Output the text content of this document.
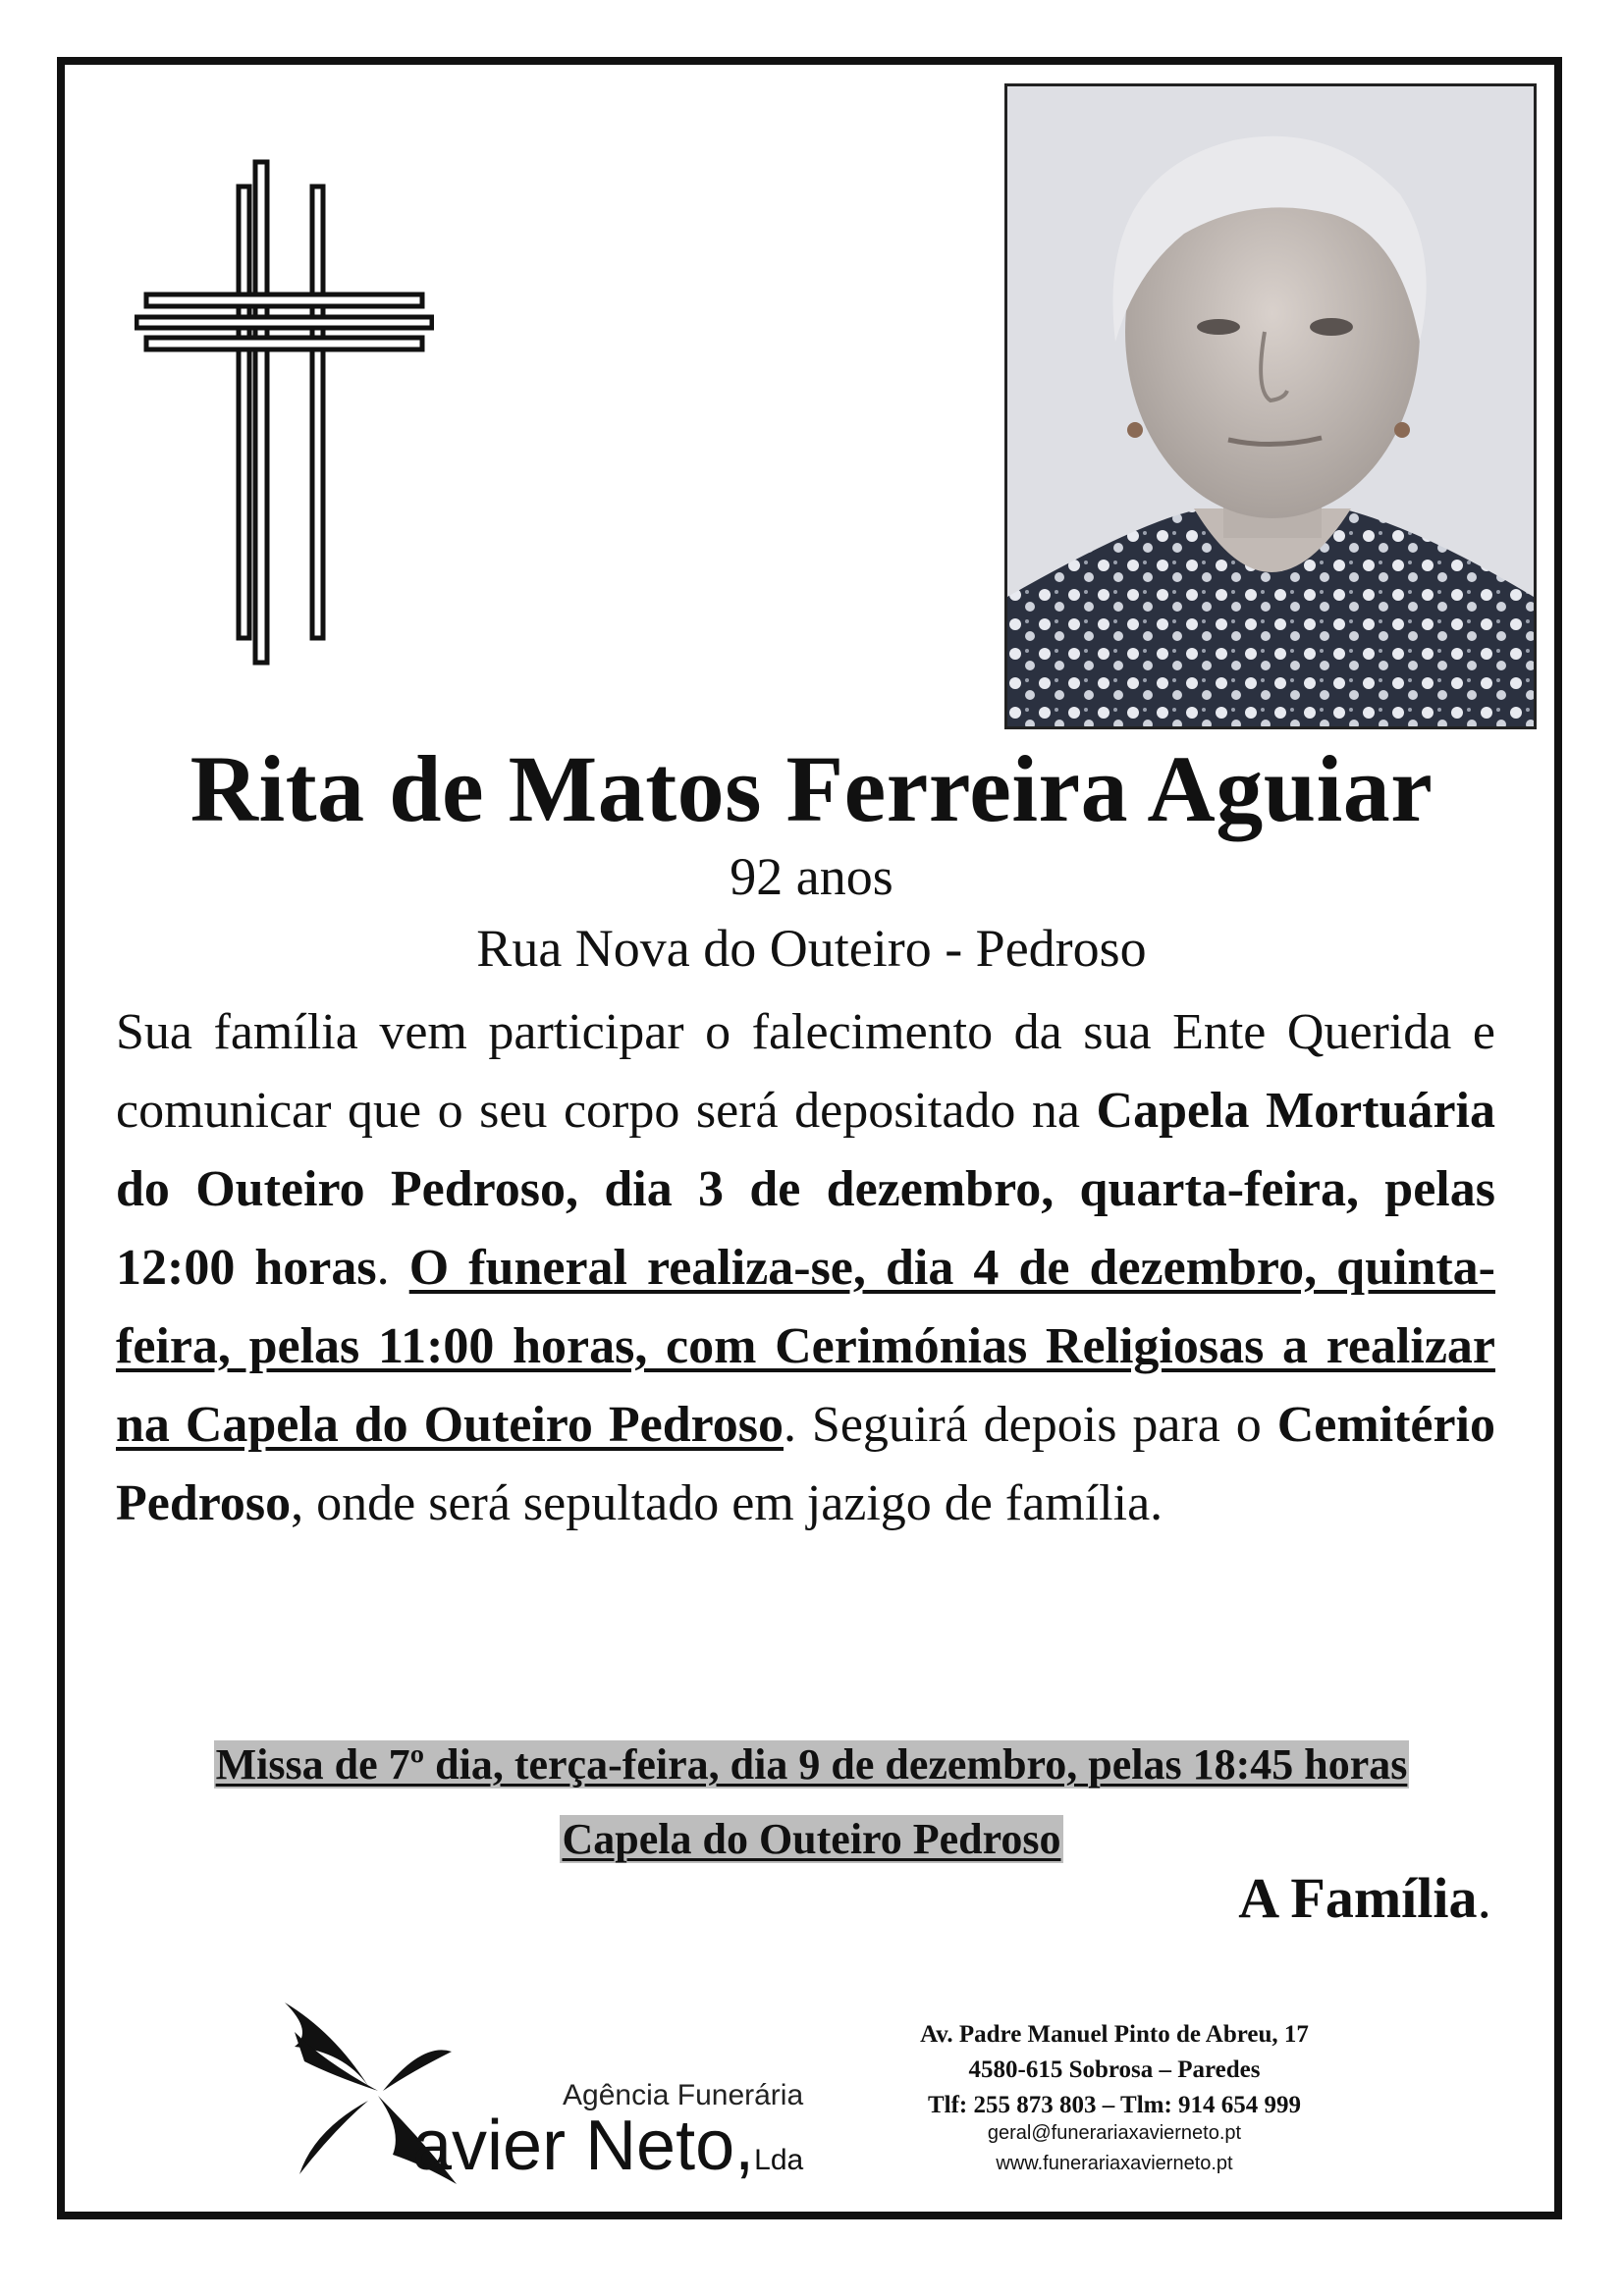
Rita de Matos Ferreira Aguiar
92 anos
Rua Nova do Outeiro - Pedroso
Sua família vem participar o falecimento da sua Ente Querida e comunicar que o seu corpo será depositado na Capela Mortuária do Outeiro Pedroso, dia 3 de dezembro, quarta-feira, pelas 12:00 horas. O funeral realiza-se, dia 4 de dezembro, quinta-feira, pelas 11:00 horas, com Cerimónias Religiosas a realizar na Capela do Outeiro Pedroso. Seguirá depois para o Cemitério Pedroso, onde será sepultado em jazigo de família.
Missa de 7º dia, terça-feira, dia 9 de dezembro, pelas 18:45 horas
Capela do Outeiro Pedroso
A Família.
Agência Funerária
avier Neto,Lda
Av. Padre Manuel Pinto de Abreu, 17
4580-615 Sobrosa – Paredes
Tlf: 255 873 803 – Tlm: 914 654 999
geral@funerariaxavierneto.pt
www.funerariaxavierneto.pt
